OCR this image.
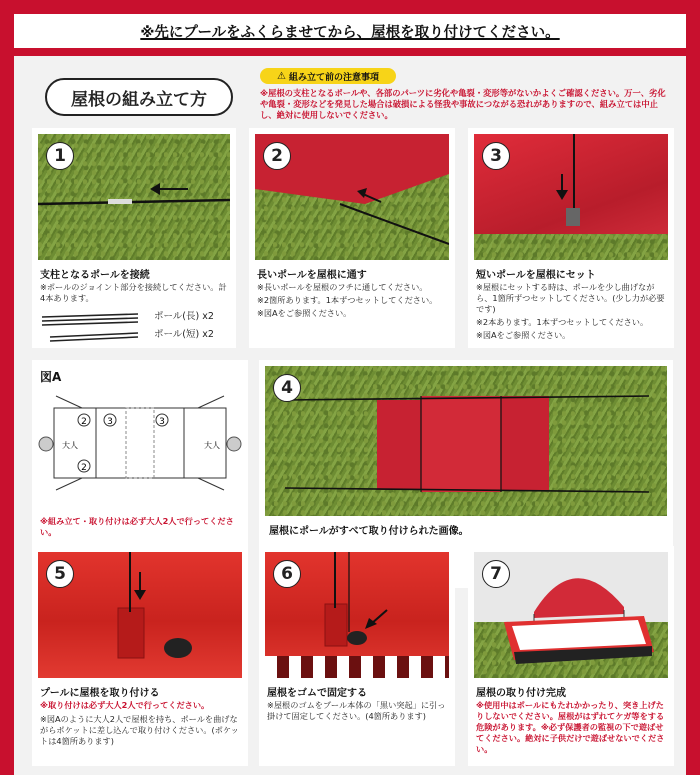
※先にプールをふくらませてから、屋根を取り付けてください。
屋根の組み立て方
⚠ 組み立て前の注意事項
※屋根の支柱となるポールや、各部のパーツに劣化や亀裂・変形等がないかよくご確認ください。万一、劣化や亀裂・変形などを発見した場合は破損による怪我や事故につながる恐れがありますので、組み立ては中止し、絶対に使用しないでください。
1
支柱となるポールを接続
※ポールのジョイント部分を接続してください。計4本あります。
ポール(長) x2
ポール(短) x2
2
長いポールを屋根に通す

※長いポールを屋根のフチに通してください。

※2箇所あります。1本ずつセットしてください。

※図Aをご参照ください。

3
短いポールを屋根にセット

※屋根にセットする時は、ポールを少し曲げながら、1箇所ずつセットしてください。(少し力が必要です)

※2本あります。1本ずつセットしてください。

※図Aをご参照ください。

図A
2 3	3
2
大人	大人
※組み立て・取り付けは必ず大人2人で行ってください。
4
屋根にポールがすべて取り付けられた画像。
5
プールに屋根を取り付ける
※取り付けは必ず大人2人で行ってください。
※図Aのように大人2人で屋根を持ち、ポールを曲げながらポケットに差し込んで取り付けください。(ポケットは4箇所あります)
6
屋根をゴムで固定する
※屋根のゴムをプール本体の「黒い突起」に引っ掛けて固定してください。(4箇所あります)
7
屋根の取り付け完成
※使用中はポールにもたれかかったり、突き上げたりしないでください。屋根がはずれてケガ等をする危険があります。※必ず保護者の監視の下で遊ばせてください。絶対に子供だけで遊ばせないでください。
